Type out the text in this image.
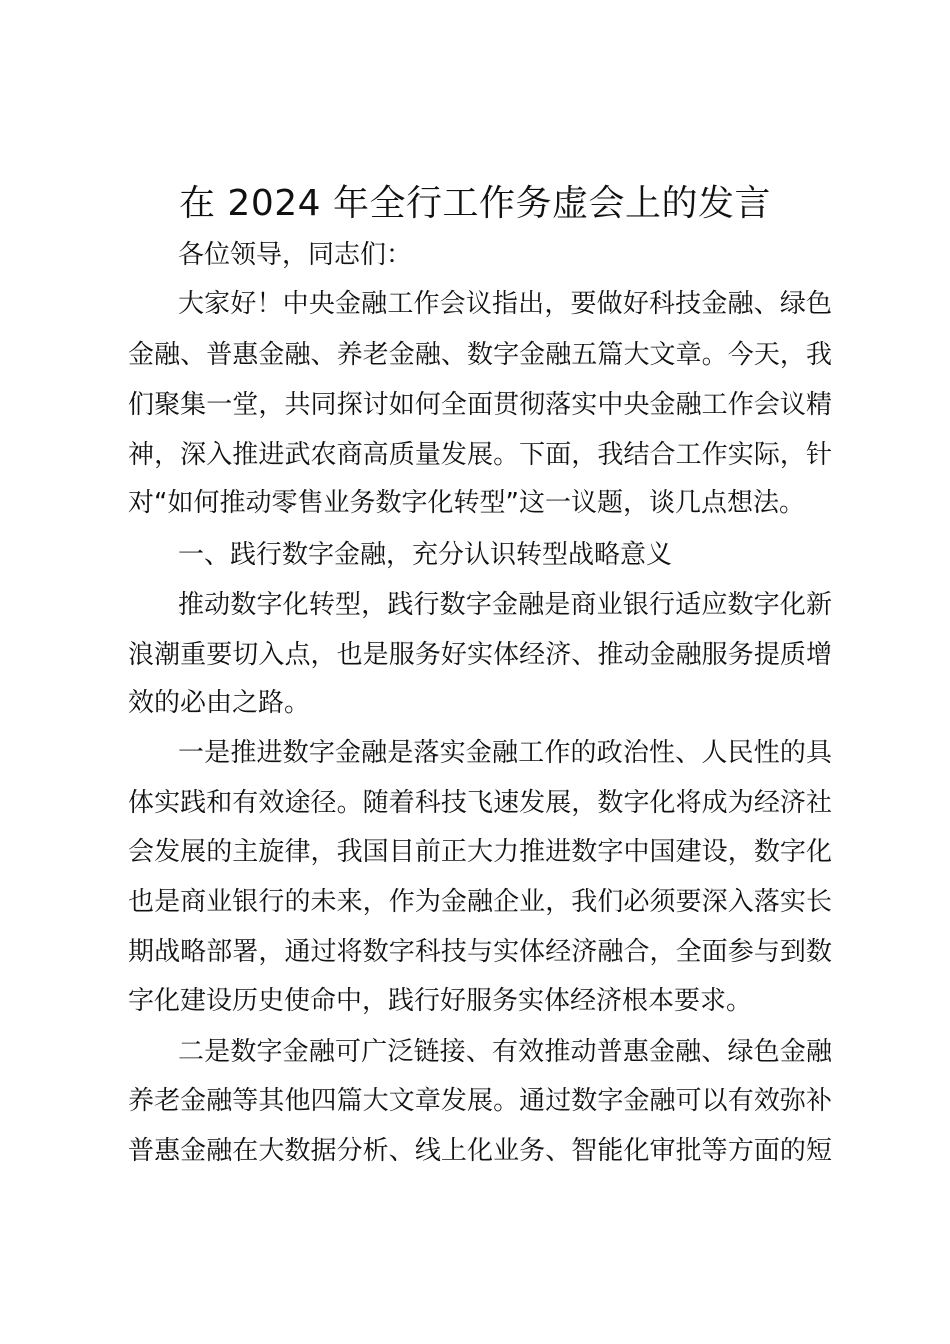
在 2024 年全行工作务虚会上的发言
各位领导，同志们：
大家好！中央金融工作会议指出，要做好科技金融、绿色
金融、普惠金融、养老金融、数字金融五篇大文章。今天，我
们聚集一堂，共同探讨如何全面贯彻落实中央金融工作会议精
神，深入推进武农商高质量发展。下面，我结合工作实际，针
对“如何推动零售业务数字化转型”这一议题，谈几点想法。
一、践行数字金融，充分认识转型战略意义
推动数字化转型，践行数字金融是商业银行适应数字化新
浪潮重要切入点，也是服务好实体经济、推动金融服务提质增
效的必由之路。
一是推进数字金融是落实金融工作的政治性、人民性的具
体实践和有效途径。随着科技飞速发展，数字化将成为经济社
会发展的主旋律，我国目前正大力推进数字中国建设，数字化
也是商业银行的未来，作为金融企业，我们必须要深入落实长
期战略部署，通过将数字科技与实体经济融合，全面参与到数
字化建设历史使命中，践行好服务实体经济根本要求。
二是数字金融可广泛链接、有效推动普惠金融、绿色金融
养老金融等其他四篇大文章发展。通过数字金融可以有效弥补
普惠金融在大数据分析、线上化业务、智能化审批等方面的短
